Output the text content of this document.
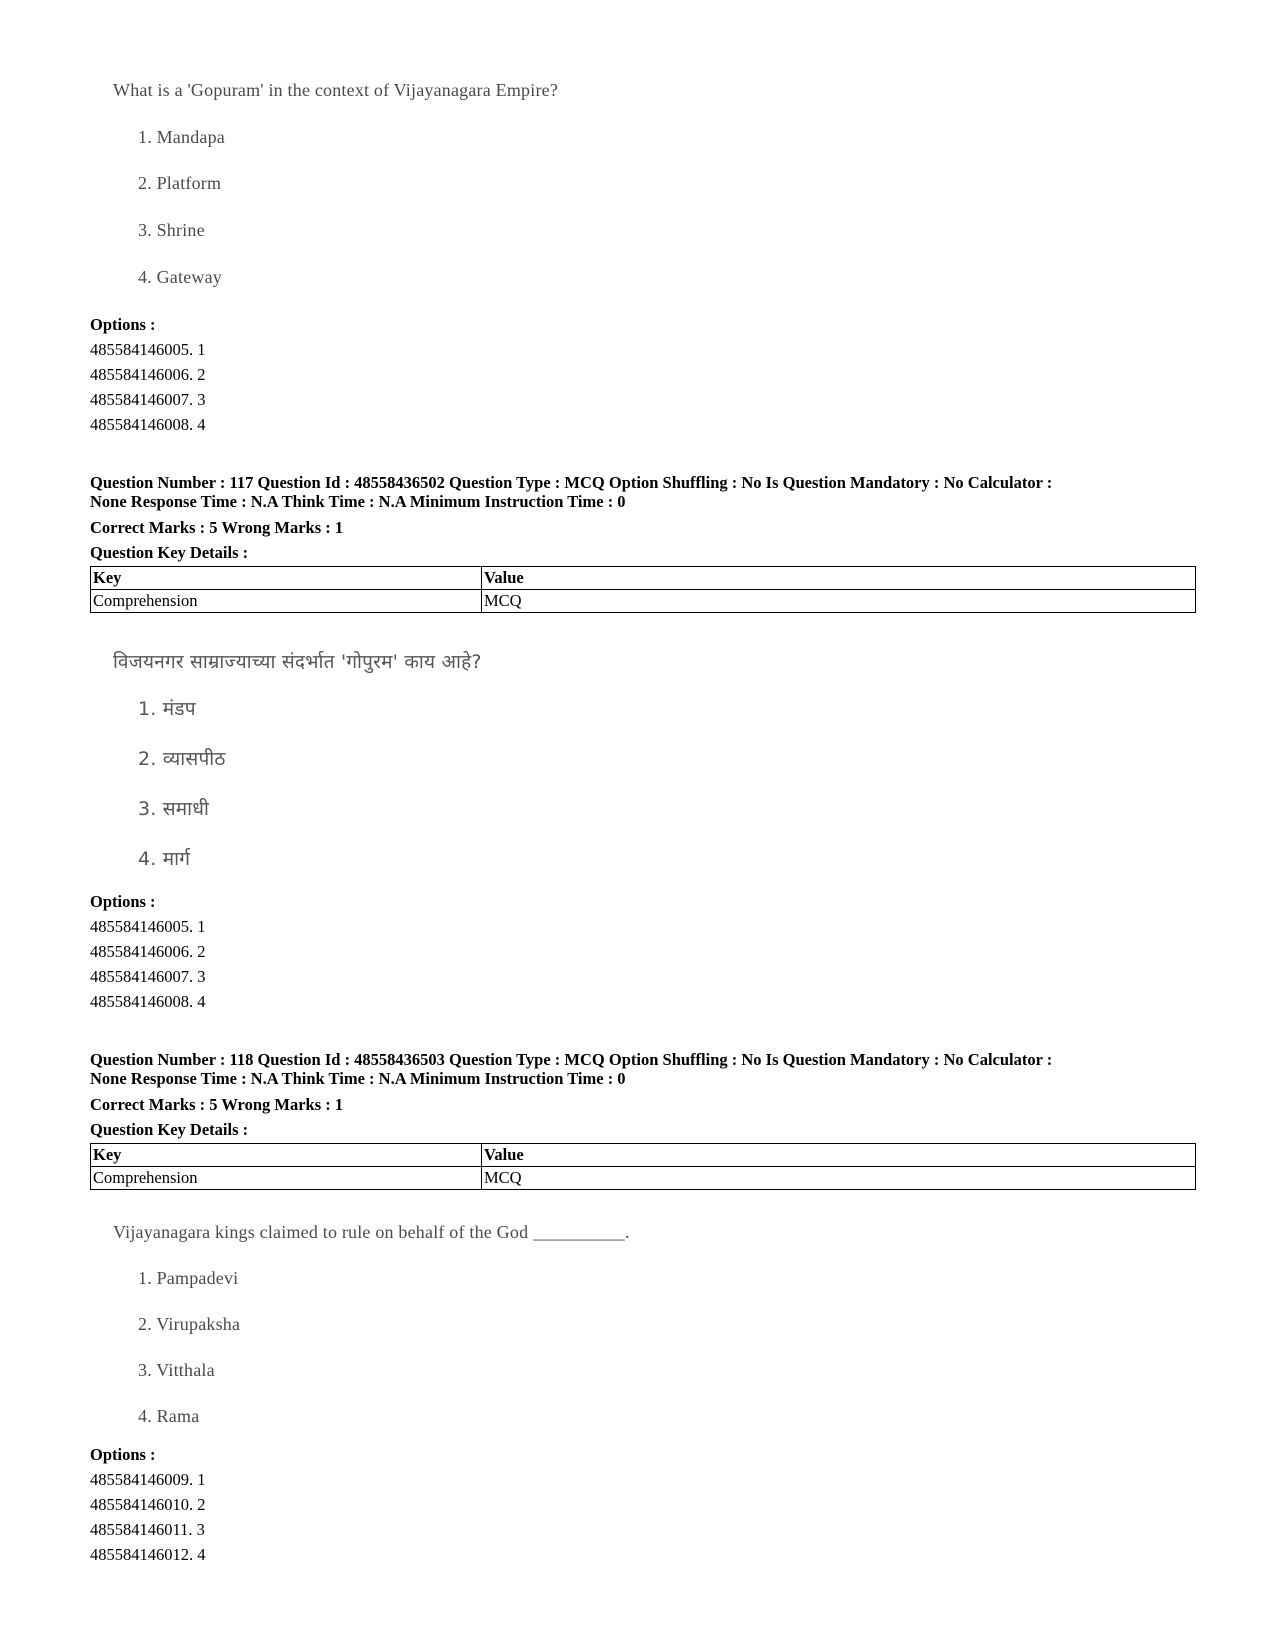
What is a 'Gopuram' in the context of Vijayanagara Empire?
1. Mandapa
2. Platform
3. Shrine
4. Gateway
Options :
485584146005. 1
485584146006. 2
485584146007. 3
485584146008. 4
Question Number : 117 Question Id : 48558436502 Question Type : MCQ Option Shuffling : No Is Question Mandatory : No Calculator :
None Response Time : N.A Think Time : N.A Minimum Instruction Time : 0
Correct Marks : 5 Wrong Marks : 1
Question Key Details :
Key	Value
Comprehension	MCQ
विजयनगर साम्राज्याच्या संदर्भात 'गोपुरम' काय आहे?
1. मंडप
2. व्यासपीठ
3. समाधी
4. मार्ग
Options :
485584146005. 1
485584146006. 2
485584146007. 3
485584146008. 4
Question Number : 118 Question Id : 48558436503 Question Type : MCQ Option Shuffling : No Is Question Mandatory : No Calculator :
None Response Time : N.A Think Time : N.A Minimum Instruction Time : 0
Correct Marks : 5 Wrong Marks : 1
Question Key Details :
Key	Value
Comprehension	MCQ
Vijayanagara kings claimed to rule on behalf of the God __________.
1. Pampadevi
2. Virupaksha
3. Vitthala
4. Rama
Options :
485584146009. 1
485584146010. 2
485584146011. 3
485584146012. 4
